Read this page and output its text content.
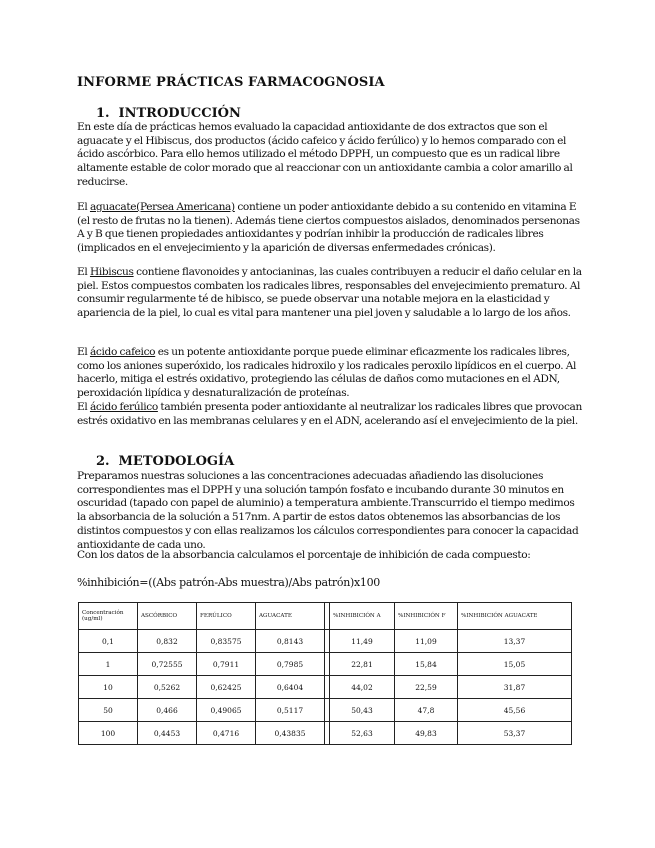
INFORME PRÁCTICAS FARMACOGNOSIA
1. INTRODUCCIÓN
En este día de prácticas hemos evaluado la capacidad antioxidante de dos extractos que son el aguacate y el Hibiscus, dos productos (ácido cafeico y ácido ferúlico) y lo hemos comparado con el ácido ascórbico. Para ello hemos utilizado el método DPPH, un compuesto que es un radical libre altamente estable de color morado que al reaccionar con un antioxidante cambia a color amarillo al reducirse.
El aguacate(Persea Americana) contiene un poder antioxidante debido a su contenido en vitamina E (el resto de frutas no la tienen). Además tiene ciertos compuestos aislados, denominados persenonas A y B que tienen propiedades antioxidantes y podrían inhibir la producción de radicales libres (implicados en el envejecimiento y la aparición de diversas enfermedades crónicas).
El Hibiscus contiene flavonoides y antocianinas, las cuales contribuyen a reducir el daño celular en la piel. Estos compuestos combaten los radicales libres, responsables del envejecimiento prematuro. Al consumir regularmente té de hibisco, se puede observar una notable mejora en la elasticidad y apariencia de la piel, lo cual es vital para mantener una piel joven y saludable a lo largo de los años.
El ácido cafeico es un potente antioxidante porque puede eliminar eficazmente los radicales libres, como los aniones superóxido, los radicales hidroxilo y los radicales peroxilo lipídicos en el cuerpo. Al hacerlo, mitiga el estrés oxidativo, protegiendo las células de daños como mutaciones en el ADN, peroxidación lipídica y desnaturalización de proteínas.
El ácido ferúlico también presenta poder antioxidante al neutralizar los radicales libres que provocan estrés oxidativo en las membranas celulares y en el ADN, acelerando así el envejecimiento de la piel.
2. METODOLOGÍA
Preparamos nuestras soluciones a las concentraciones adecuadas añadiendo las disoluciones correspondientes mas el DPPH y una solución tampón fosfato e incubando durante 30 minutos en oscuridad (tapado con papel de aluminio) a temperatura ambiente.Transcurrido el tiempo medimos la absorbancia de la solución a 517nm. A partir de estos datos obtenemos las absorbancias de los distintos compuestos y con ellas realizamos los cálculos correspondientes para conocer la capacidad antioxidante de cada uno.
Con los datos de la absorbancia calculamos el porcentaje de inhibición de cada compuesto:
%inhibición=((Abs patrón-Abs muestra)/Abs patrón)x100
Concentración (ug/ml)	ASCÓRBICO	FERÚLICO	AGUACATE		%INHIBICIÓN A	%INHIBICIÓN F	%INHIBICIÓN AGUACATE
0,1	0,832	0,83575	0,8143		11,49	11,09	13,37
1	0,72555	0,7911	0,7985		22,81	15,84	15,05
10	0,5262	0,62425	0,6404		44,02	22,59	31,87
50	0,466	0,49065	0,5117		50,43	47,8	45,56
100	0,4453	0,4716	0,43835		52,63	49,83	53,37
